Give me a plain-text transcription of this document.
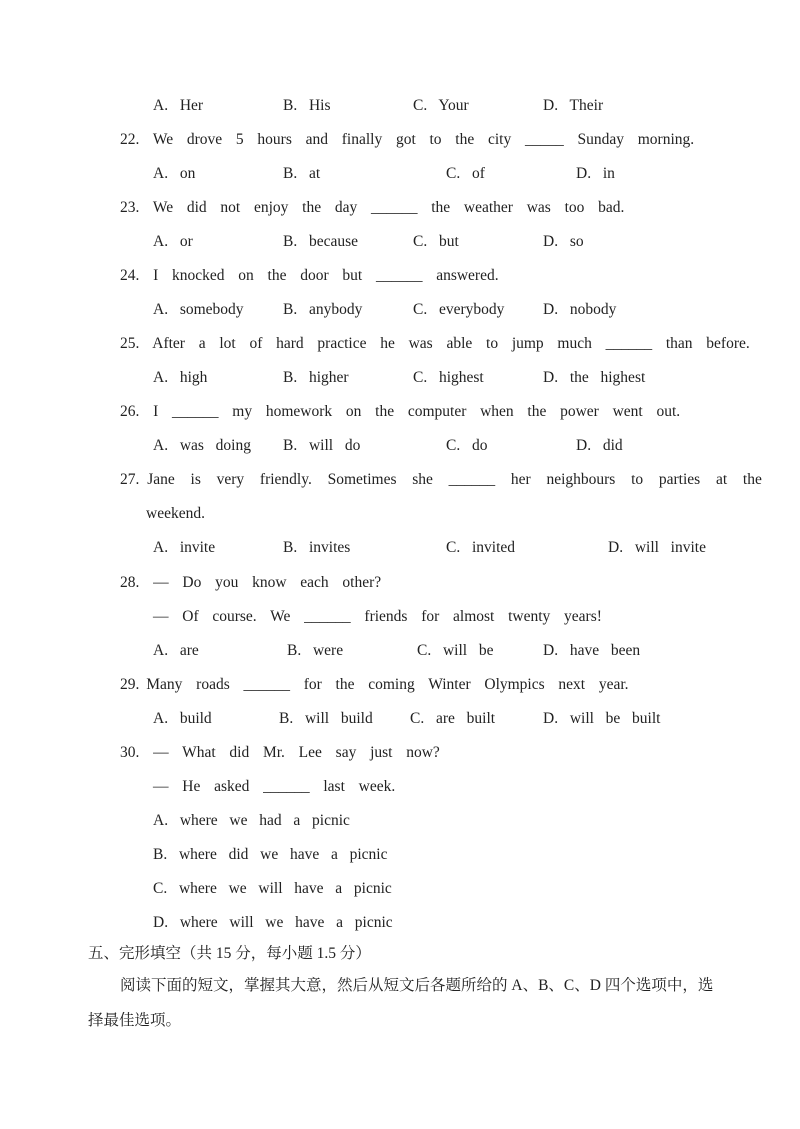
A.  Her	B.  His	C.  Your	D.  Their
22.  We  drove  5  hours  and  finally  got  to  the  city  _____  Sunday  morning.
A.  on	B.  at	C.  of	D.  in
23.  We  did  not  enjoy  the  day  ______  the  weather  was  too  bad.
A.  or	B.  because	C.  but	D.  so
24.  I  knocked  on  the  door  but  ______  answered.
A.  somebody	B.  anybody	C.  everybody D.  nobody
25.  After  a  lot  of  hard  practice  he  was  able  to  jump  much  ______  than  before.
A.  high	B.  higher	C.  highest	D.  the  highest
26.  I  ______  my  homework  on  the  computer  when  the  power  went  out.
A.  was  doing B.  will  do	C.  do	D.  did
27. Jane  is  very  friendly.  Sometimes  she  ______  her  neighbours  to  parties  at  the
weekend.
A.  invite	B.  invites	C.  invited	D.  will  invite
28.  —  Do  you  know  each  other?
—  Of  course.  We  ______  friends  for  almost  twenty  years!
A.  are	B.  were	C.  will  be	D.  have  been
29. Many  roads  ______  for  the  coming  Winter  Olympics  next  year.
A.  build	B.  will  build C.  are  built	D.  will  be  built
30.  —  What  did  Mr.  Lee  say  just  now?
—  He  asked  ______  last  week.
A.  where  we  had  a  picnic
B.  where  did  we  have  a  picnic
C.  where  we  will  have  a  picnic
D.  where  will  we  have  a  picnic
五、完形填空（共 15 分，每小题 1.5 分）
阅读下面的短文，掌握其大意，然后从短文后各题所给的 A、B、C、D 四个选项中，选
择最佳选项。
